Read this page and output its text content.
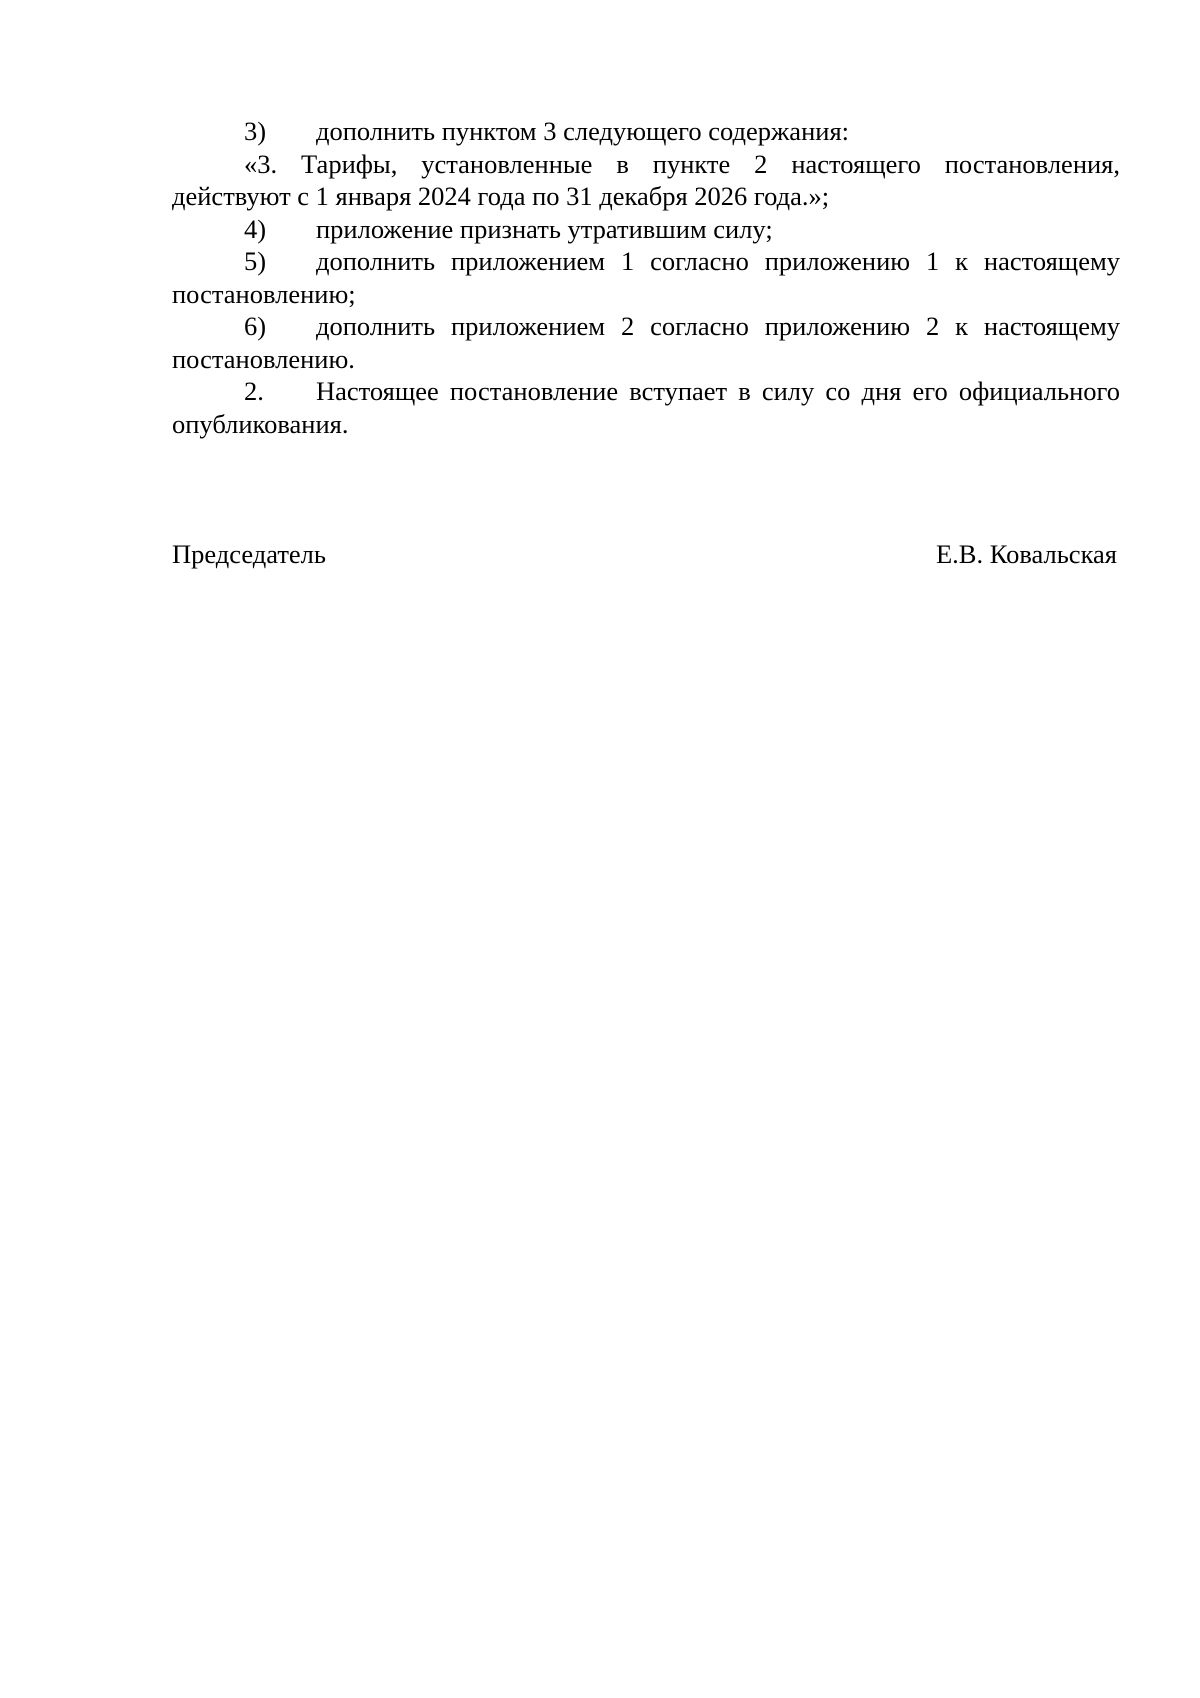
3) дополнить пунктом 3 следующего содержания:

«3. Тарифы, установленные в пункте 2 настоящего постановления, действуют с 1 января 2024 года по 31 декабря 2026 года.»;

4) приложение признать утратившим силу;

5) дополнить приложением 1 согласно приложению 1 к настоящему постановлению;

6) дополнить приложением 2 согласно приложению 2 к настоящему постановлению.

2. Настоящее постановление вступает в силу со дня его официального опубликования.

Председатель	Е.В. Ковальская
